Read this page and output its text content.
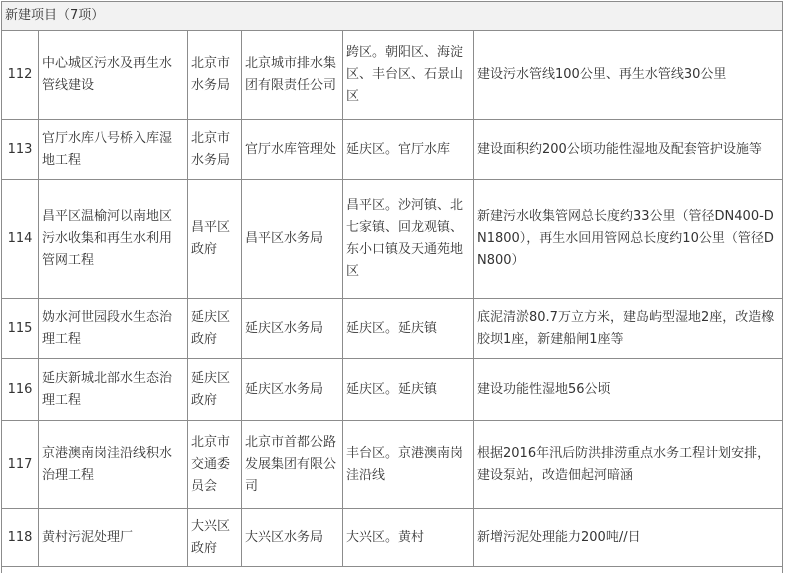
新建项目（7项）					
112	中心城区污水及再生水管线建设	北京市水务局	北京城市排水集团有限责任公司	跨区。朝阳区、海淀区、丰台区、石景山区	建设污水管线100公里、再生水管线30公里
113	官厅水库八号桥入库湿地工程	北京市水务局	官厅水库管理处	延庆区。官厅水库	建设面积约200公顷功能性湿地及配套管护设施等
114	昌平区温榆河以南地区污水收集和再生水利用管网工程	昌平区政府	昌平区水务局	昌平区。沙河镇、北七家镇、回龙观镇、东小口镇及天通苑地区	新建污水收集管网总长度约33公里（管径DN400-DN1800），再生水回用管网总长度约10公里（管径DN800）
115	妫水河世园段水生态治理工程	延庆区政府	延庆区水务局	延庆区。延庆镇	底泥清淤80.7万立方米，建岛屿型湿地2座，改造橡胶坝1座，新建船闸1座等
116	延庆新城北部水生态治理工程	延庆区政府	延庆区水务局	延庆区。延庆镇	建设功能性湿地56公顷
117	京港澳南岗洼沿线积水治理工程	北京市交通委员会	北京市首都公路发展集团有限公司	丰台区。京港澳南岗洼沿线	根据2016年汛后防洪排涝重点水务工程计划安排，建设泵站，改造佃起河暗涵
118	黄村污泥处理厂	大兴区政府	大兴区水务局	大兴区。黄村	新增污泥处理能力200吨//日
